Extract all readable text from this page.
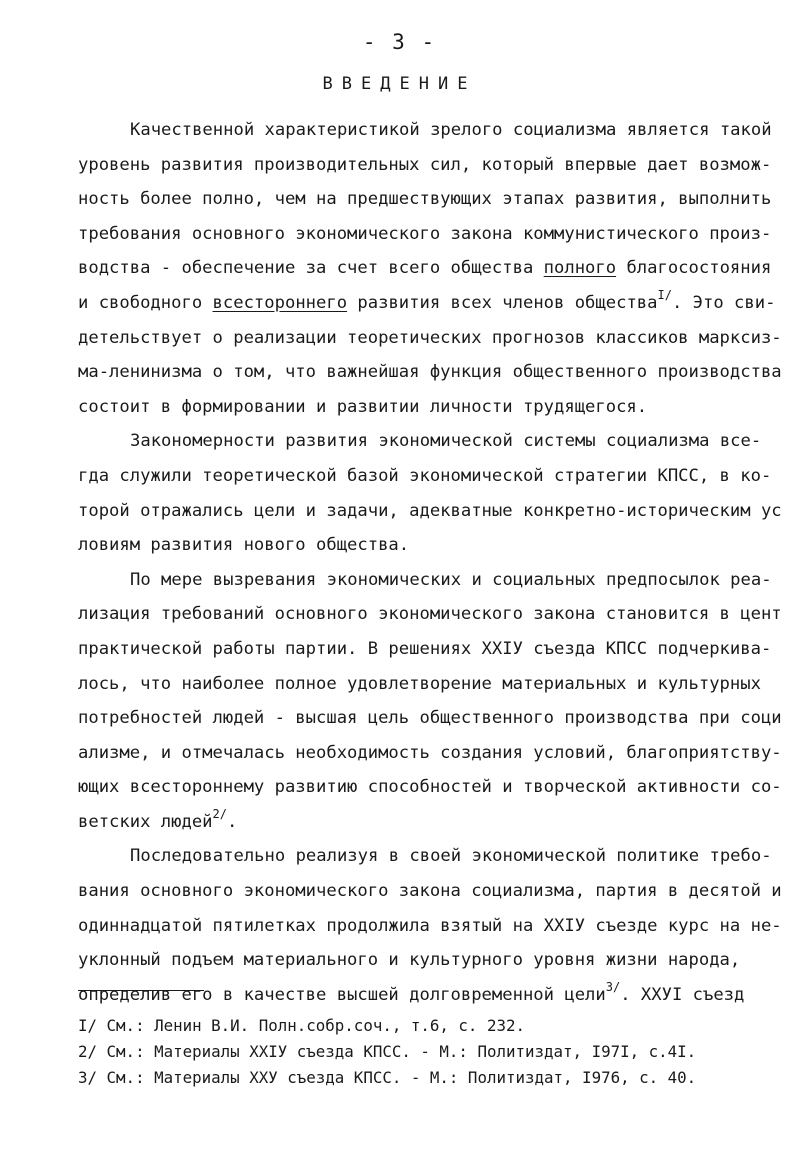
- 3 -
ВВЕДЕНИЕ
Качественной характеристикой зрелого социализма является такой
уровень развития производительных сил, который впервые дает возмож-
ность более полно, чем на предшествующих этапах развития, выполнить
требования основного экономического закона коммунистического произ-
водства - обеспечение за счет всего общества полного благосостояния
и свободного всестороннего развития всех членов общества$^{I/}$. Это сви-
детельствует о реализации теоретических прогнозов классиков марксиз-
ма-ленинизма о том, что важнейшая функция общественного производства
состоит в формировании и развитии личности трудящегося.
Закономерности развития экономической системы социализма все-
гда служили теоретической базой экономической стратегии КПСС, в ко-
торой отражались цели и задачи, адекватные конкретно-историческим ус
ловиям развития нового общества.
По мере вызревания экономических и социальных предпосылок реа-
лизация требований основного экономического закона становится в цент
практической работы партии. В решениях XXIУ съезда КПСС подчеркива-
лось, что наиболее полное удовлетворение материальных и культурных
потребностей людей - высшая цель общественного производства при соци
ализме, и отмечалась необходимость создания условий, благоприятству-
ющих всестороннему развитию способностей и творческой активности со-
ветских людей$^{2/}$.
Последовательно реализуя в своей экономической политике требо-
вания основного экономического закона социализма, партия в десятой и
одиннадцатой пятилетках продолжила взятый на XXIУ съезде курс на не-
уклонный подъем материального и культурного уровня жизни народа,
определив его в качестве высшей долговременной цели$^{3/}$. XXУI съезд
I/ См.: Ленин В.И. Полн.собр.соч., т.6, с. 232.
2/ См.: Материалы XXIУ съезда КПСС. - М.: Политиздат, I97I, с.4I.
3/ См.: Материалы XXУ съезда КПСС. - М.: Политиздат, I976, с. 40.
